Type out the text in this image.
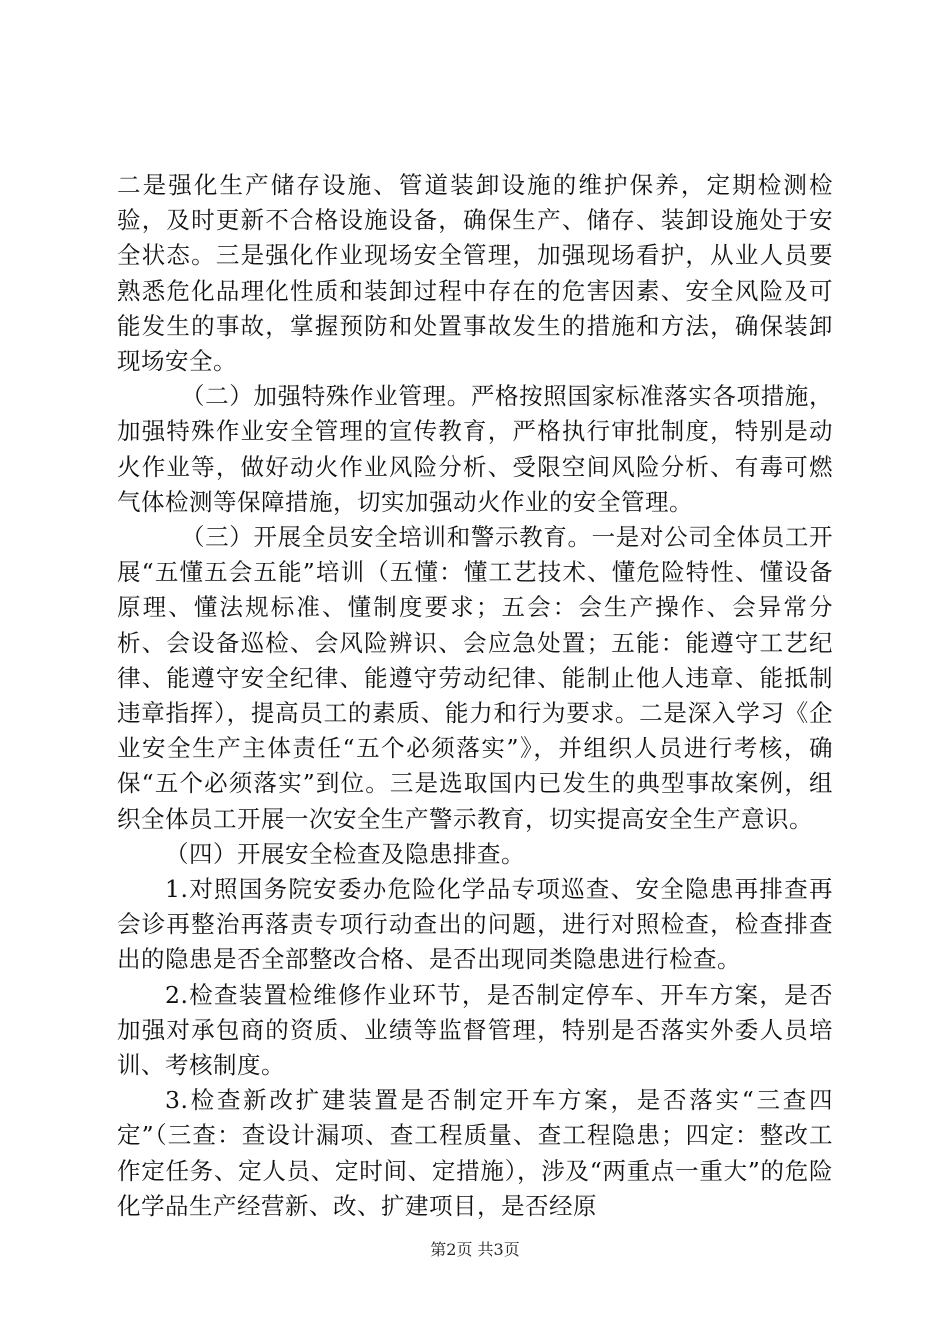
二是强化生产储存设施、管道装卸设施的维护保养，定期检测检验，及时更新不合格设施设备，确保生产、储存、装卸设施处于安全状态。三是强化作业现场安全管理，加强现场看护，从业人员要熟悉危化品理化性质和装卸过程中存在的危害因素、安全风险及可能发生的事故，掌握预防和处置事故发生的措施和方法，确保装卸现场安全。

（二）加强特殊作业管理。严格按照国家标准落实各项措施，加强特殊作业安全管理的宣传教育，严格执行审批制度，特别是动火作业等，做好动火作业风险分析、受限空间风险分析、有毒可燃气体检测等保障措施，切实加强动火作业的安全管理。

（三）开展全员安全培训和警示教育。一是对公司全体员工开展“五懂五会五能”培训（五懂：懂工艺技术、懂危险特性、懂设备原理、懂法规标准、懂制度要求；五会：会生产操作、会异常分析、会设备巡检、会风险辨识、会应急处置；五能：能遵守工艺纪律、能遵守安全纪律、能遵守劳动纪律、能制止他人违章、能抵制违章指挥），提高员工的素质、能力和行为要求。二是深入学习《企业安全生产主体责任“五个必须落实”》，并组织人员进行考核，确保“五个必须落实”到位。三是选取国内已发生的典型事故案例，组织全体员工开展一次安全生产警示教育，切实提高安全生产意识。

（四）开展安全检查及隐患排查。

1.对照国务院安委办危险化学品专项巡查、安全隐患再排查再会诊再整治再落责专项行动查出的问题，进行对照检查，检查排查出的隐患是否全部整改合格、是否出现同类隐患进行检查。

2.检查装置检维修作业环节，是否制定停车、开车方案，是否加强对承包商的资质、业绩等监督管理，特别是否落实外委人员培训、考核制度。

3.检查新改扩建装置是否制定开车方案，是否落实“三查四定”（三查：查设计漏项、查工程质量、查工程隐患；四定：整改工作定任务、定人员、定时间、定措施），涉及“两重点一重大”的危险化学品生产经营新、改、扩建项目，是否经原

第2页 共3页
